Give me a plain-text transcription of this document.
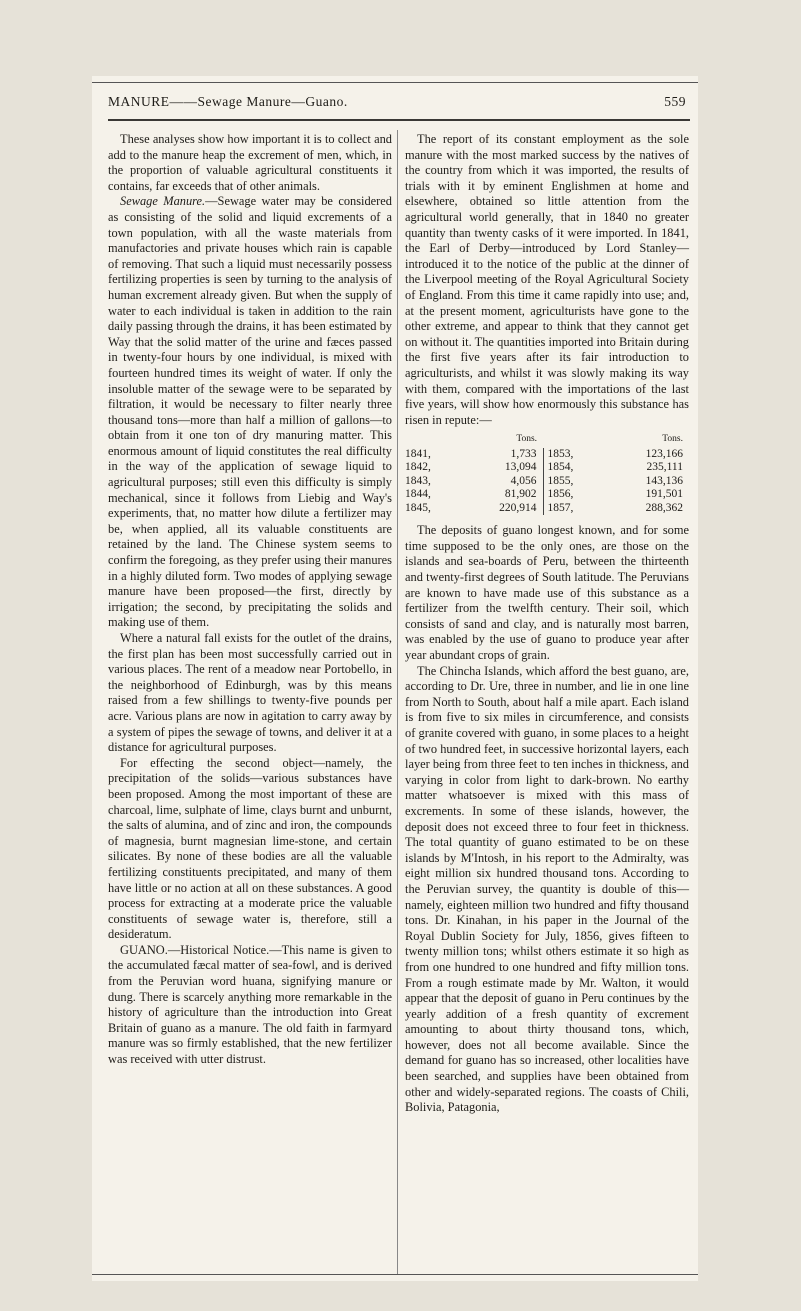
MANURE——Sewage Manure—Guano.	559

These analyses show how important it is to collect and add to the manure heap the excrement of men, which, in the proportion of valuable agricultural constituents it contains, far exceeds that of other animals.

Sewage Manure.—Sewage water may be considered as consisting of the solid and liquid excrements of a town population, with all the waste materials from manufactories and private houses which rain is capable of removing. That such a liquid must necessarily possess fertilizing properties is seen by turning to the analysis of human excrement already given. But when the supply of water to each individual is taken in addition to the rain daily passing through the drains, it has been estimated by Way that the solid matter of the urine and fæces passed in twenty-four hours by one individual, is mixed with fourteen hundred times its weight of water. If only the insoluble matter of the sewage were to be separated by filtration, it would be necessary to filter nearly three thousand tons—more than half a million of gallons—to obtain from it one ton of dry manuring matter. This enormous amount of liquid constitutes the real difficulty in the way of the application of sewage liquid to agricultural purposes; still even this difficulty is simply mechanical, since it follows from Liebig and Way's experiments, that, no matter how dilute a fertilizer may be, when applied, all its valuable constituents are retained by the land. The Chinese system seems to confirm the foregoing, as they prefer using their manures in a highly diluted form. Two modes of applying sewage manure have been proposed—the first, directly by irrigation; the second, by precipitating the solids and making use of them.

Where a natural fall exists for the outlet of the drains, the first plan has been most successfully carried out in various places. The rent of a meadow near Portobello, in the neighborhood of Edinburgh, was by this means raised from a few shillings to twenty-five pounds per acre. Various plans are now in agitation to carry away by a system of pipes the sewage of towns, and deliver it at a distance for agricultural purposes.

For effecting the second object—namely, the precipitation of the solids—various substances have been proposed. Among the most important of these are charcoal, lime, sulphate of lime, clays burnt and unburnt, the salts of alumina, and of zinc and iron, the compounds of magnesia, burnt magnesian lime-stone, and certain silicates. By none of these bodies are all the valuable fertilizing constituents precipitated, and many of them have little or no action at all on these substances. A good process for extracting at a moderate price the valuable constituents of sewage water is, therefore, still a desideratum.

GUANO.—Historical Notice.—This name is given to the accumulated fæcal matter of sea-fowl, and is derived from the Peruvian word huana, signifying manure or dung. There is scarcely anything more remarkable in the history of agriculture than the introduction into Great Britain of guano as a manure. The old faith in farmyard manure was so firmly established, that the new fertilizer was received with utter distrust.

The report of its constant employment as the sole manure with the most marked success by the natives of the country from which it was imported, the results of trials with it by eminent Englishmen at home and elsewhere, obtained so little attention from the agricultural world generally, that in 1840 no greater quantity than twenty casks of it were imported. In 1841, the Earl of Derby—introduced by Lord Stanley—introduced it to the notice of the public at the dinner of the Liverpool meeting of the Royal Agricultural Society of England. From this time it came rapidly into use; and, at the present moment, agriculturists have gone to the other extreme, and appear to think that they cannot get on without it. The quantities imported into Britain during the first five years after its fair introduction to agriculturists, and whilst it was slowly making its way with them, compared with the importations of the last five years, will show how enormously this substance has risen in repute:—

	Tons.		Tons.
1841,	1,733	1853,	123,166
1842,	13,094	1854,	235,111
1843,	4,056	1855,	143,136
1844,	81,902	1856,	191,501
1845,	220,914	1857,	288,362

The deposits of guano longest known, and for some time supposed to be the only ones, are those on the islands and sea-boards of Peru, between the thirteenth and twenty-first degrees of South latitude. The Peruvians are known to have made use of this substance as a fertilizer from the twelfth century. Their soil, which consists of sand and clay, and is naturally most barren, was enabled by the use of guano to produce year after year abundant crops of grain.

The Chincha Islands, which afford the best guano, are, according to Dr. Ure, three in number, and lie in one line from North to South, about half a mile apart. Each island is from five to six miles in circumference, and consists of granite covered with guano, in some places to a height of two hundred feet, in successive horizontal layers, each layer being from three feet to ten inches in thickness, and varying in color from light to dark-brown. No earthy matter whatsoever is mixed with this mass of excrements. In some of these islands, however, the deposit does not exceed three to four feet in thickness. The total quantity of guano estimated to be on these islands by M'Intosh, in his report to the Admiralty, was eight million six hundred thousand tons. According to the Peruvian survey, the quantity is double of this—namely, eighteen million two hundred and fifty thousand tons. Dr. Kinahan, in his paper in the Journal of the Royal Dublin Society for July, 1856, gives fifteen to twenty million tons; whilst others estimate it so high as from one hundred to one hundred and fifty million tons. From a rough estimate made by Mr. Walton, it would appear that the deposit of guano in Peru continues by the yearly addition of a fresh quantity of excrement amounting to about thirty thousand tons, which, however, does not all become available. Since the demand for guano has so increased, other localities have been searched, and supplies have been obtained from other and widely-separated regions. The coasts of Chili, Bolivia, Patagonia,
